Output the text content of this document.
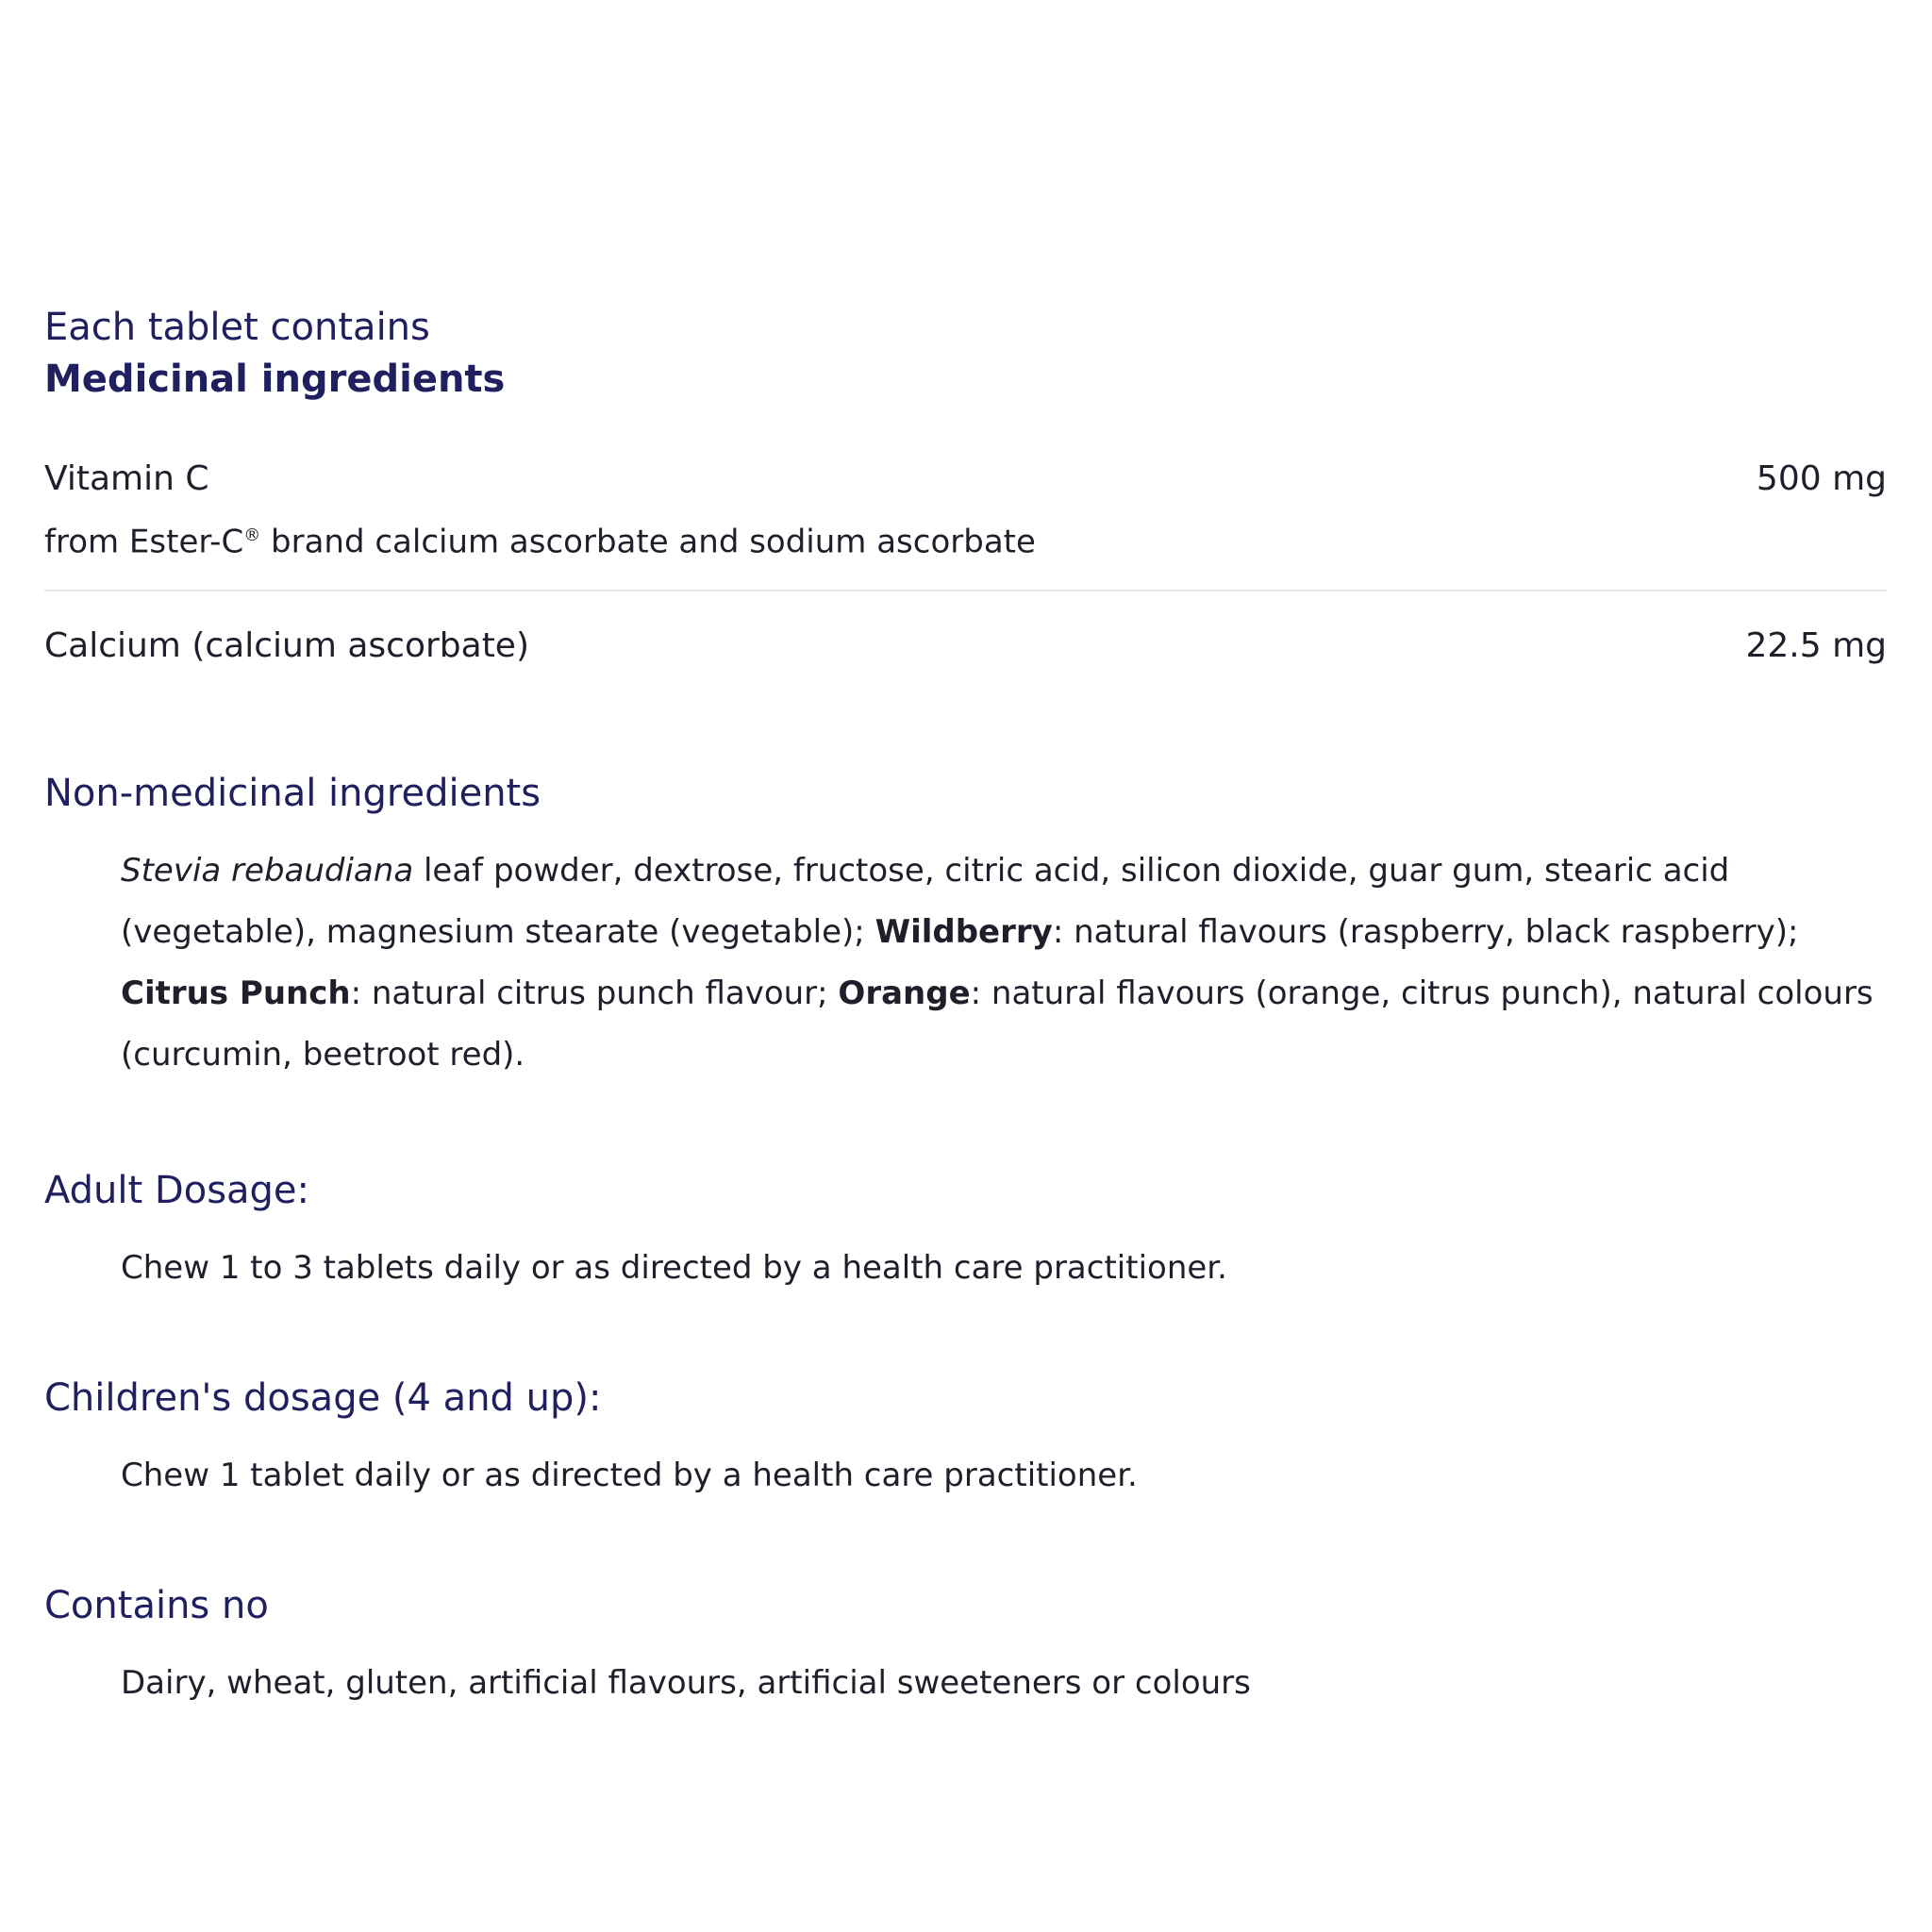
Each tablet contains
Medicinal ingredients
Vitamin C	500 mg
from Ester-C® brand calcium ascorbate and sodium ascorbate
Calcium (calcium ascorbate)	22.5 mg
Non-medicinal ingredients

Stevia rebaudiana leaf powder, dextrose, fructose, citric acid, silicon dioxide, guar gum, stearic acid (vegetable), magnesium stearate (vegetable); Wildberry: natural flavours (raspberry, black raspberry); Citrus Punch: natural citrus punch flavour; Orange: natural flavours (orange, citrus punch), natural colours (curcumin, beetroot red).

Adult Dosage:

Chew 1 to 3 tablets daily or as directed by a health care practitioner.

Children's dosage (4 and up):

Chew 1 tablet daily or as directed by a health care practitioner.

Contains no

Dairy, wheat, gluten, artificial flavours, artificial sweeteners or colours
